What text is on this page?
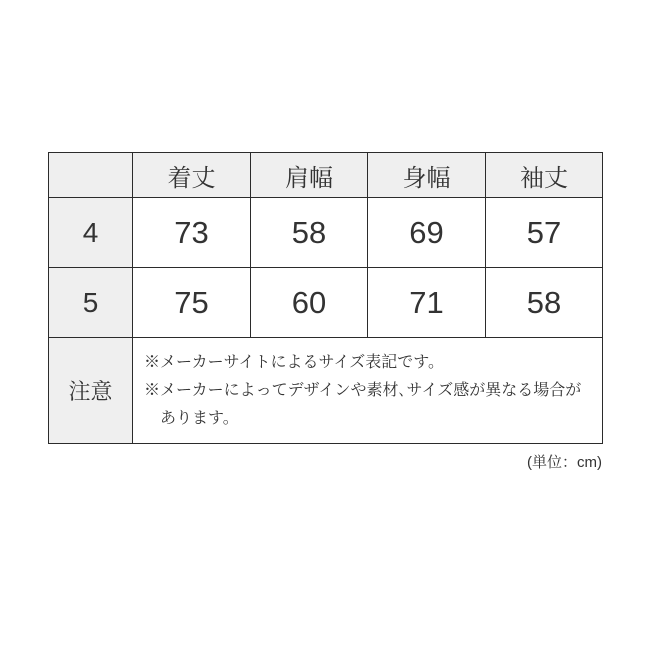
	着丈	肩幅	身幅	袖丈
4	73	58	69	57
5	75	60	71	58
注意	※メーカーサイトによるサイズ表記です。
※メーカーによってデザインや素材､サイズ感が異なる場合が
あります。			
(単位：cm)
